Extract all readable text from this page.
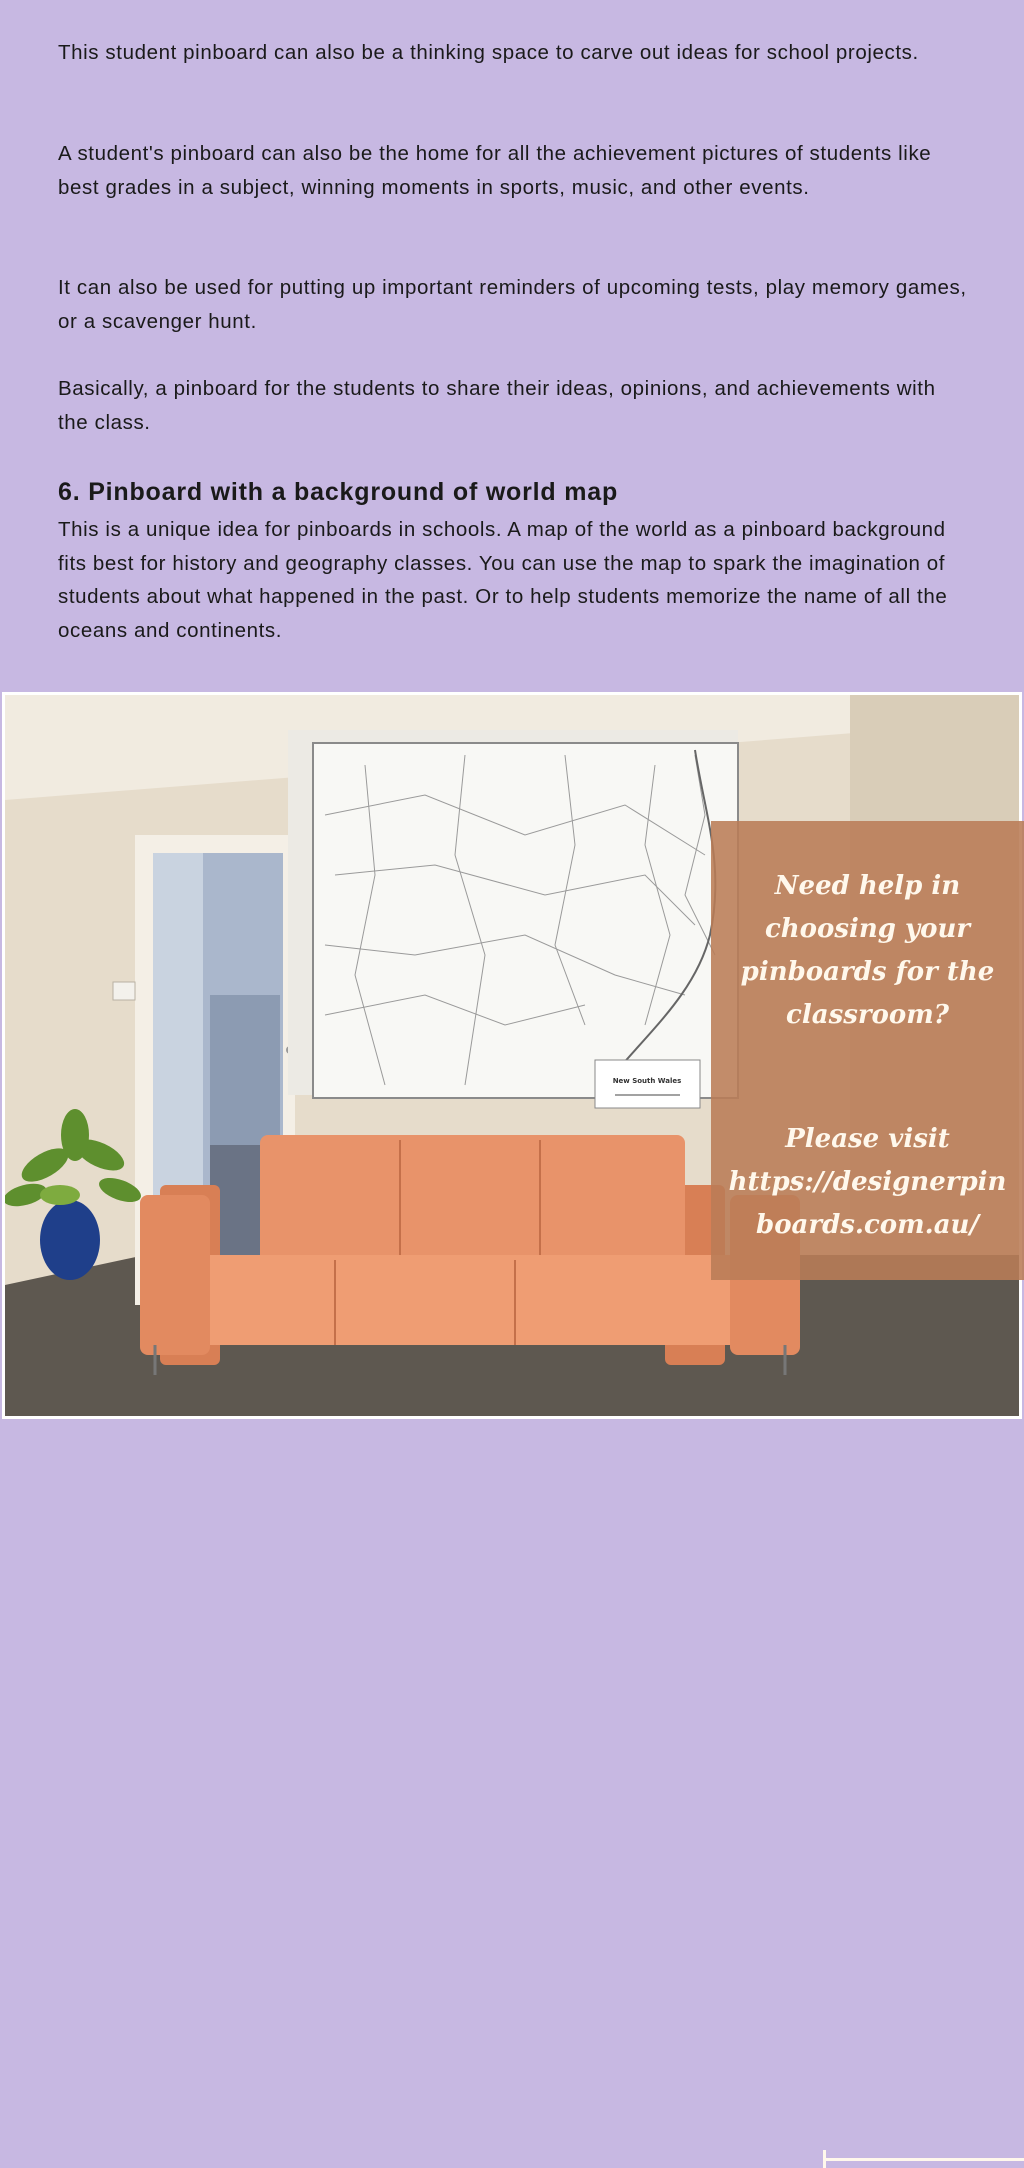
This student pinboard can also be a thinking space to carve out ideas for school projects.

A student's pinboard can also be the home for all the achievement pictures of students like best grades in a subject, winning moments in sports, music, and other events.

It can also be used for putting up important reminders of upcoming tests, play memory games, or a scavenger hunt.

Basically, a pinboard for the students to share their ideas, opinions, and achievements with the class.

6. Pinboard with a background of world map

This is a unique idea for pinboards in schools. A map of the world as a pinboard background fits best for history and geography classes. You can use the map to spark the imagination of students about what happened in the past. Or to help students memorize the name of all the oceans and continents.

New South Wales
Need help in
choosing your
pinboards for the
classroom?
Please visit
https://designerpin
boards.com.au/
